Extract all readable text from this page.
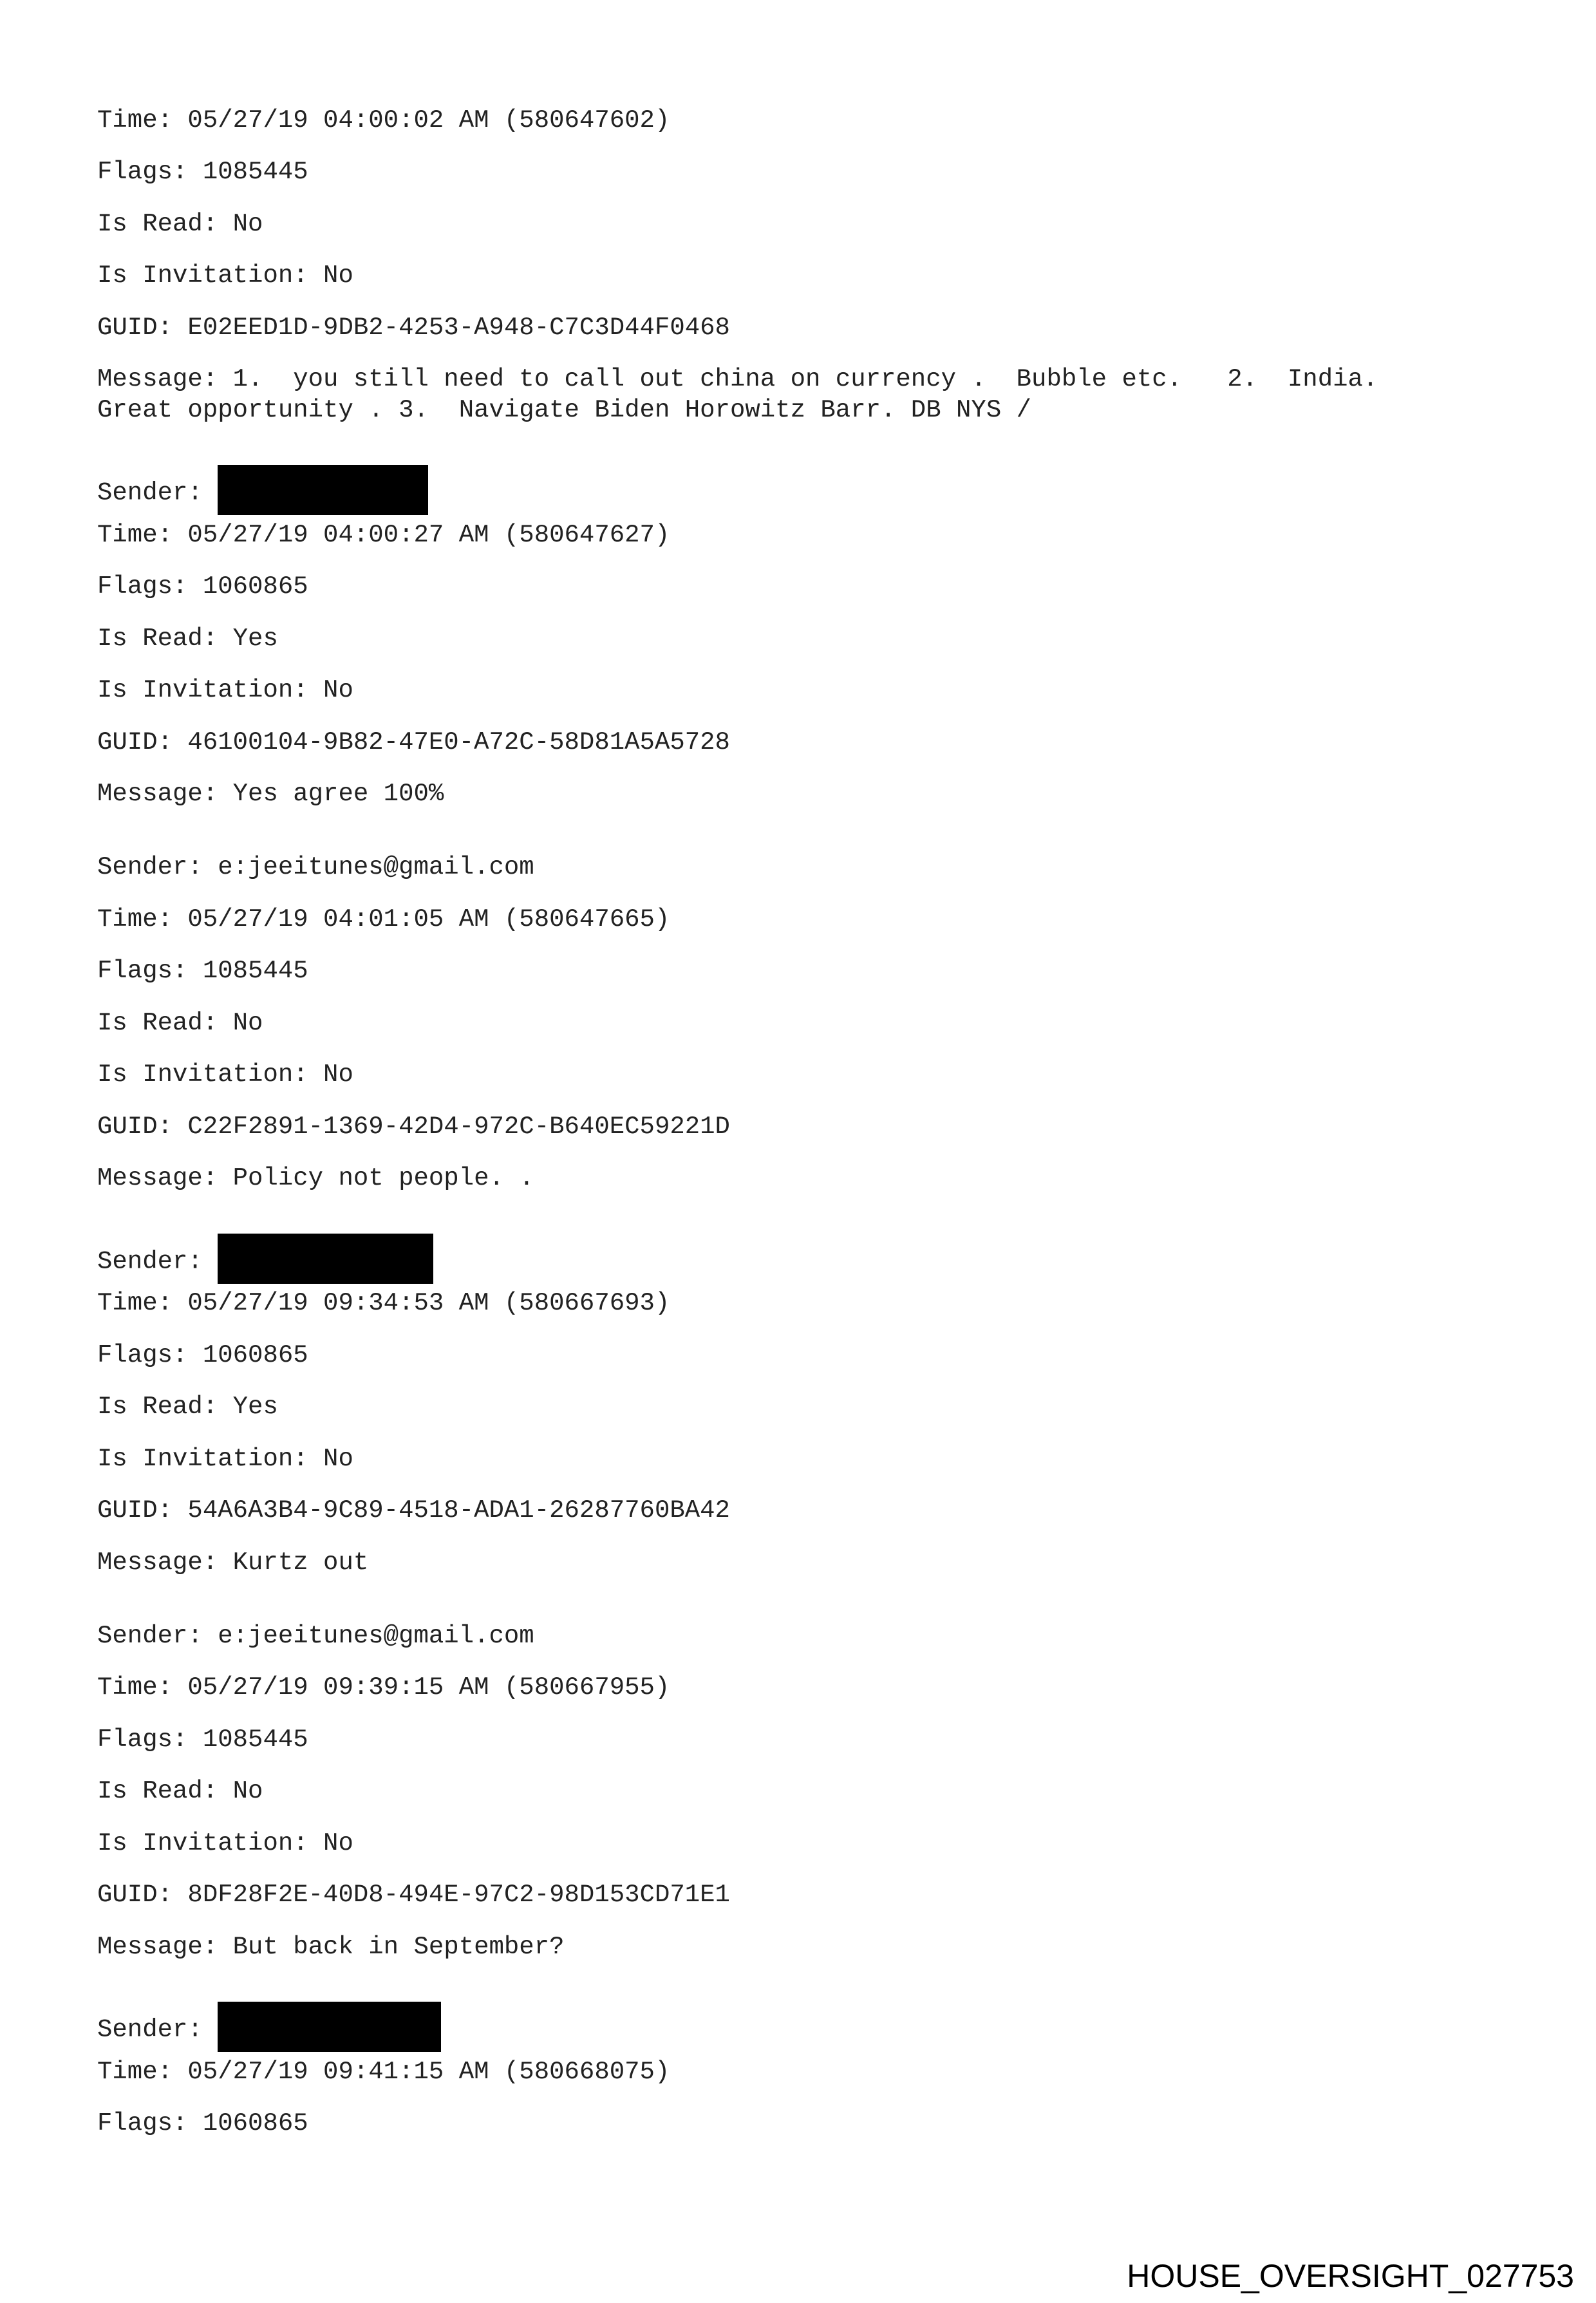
Time: 05/27/19 04:00:02 AM (580647602)

Flags: 1085445

Is Read: No

Is Invitation: No

GUID: E02EED1D-9DB2-4253-A948-C7C3D44F0468

Message: 1.  you still need to call out china on currency .  Bubble etc.   2.  India.

Great opportunity . 3.  Navigate Biden Horowitz Barr. DB NYS /

Sender:

Time: 05/27/19 04:00:27 AM (580647627)

Flags: 1060865

Is Read: Yes

Is Invitation: No

GUID: 46100104-9B82-47E0-A72C-58D81A5A5728

Message: Yes agree 100%

Sender: e:jeeitunes@gmail.com

Time: 05/27/19 04:01:05 AM (580647665)

Flags: 1085445

Is Read: No

Is Invitation: No

GUID: C22F2891-1369-42D4-972C-B640EC59221D

Message: Policy not people. .

Sender:

Time: 05/27/19 09:34:53 AM (580667693)

Flags: 1060865

Is Read: Yes

Is Invitation: No

GUID: 54A6A3B4-9C89-4518-ADA1-26287760BA42

Message: Kurtz out

Sender: e:jeeitunes@gmail.com

Time: 05/27/19 09:39:15 AM (580667955)

Flags: 1085445

Is Read: No

Is Invitation: No

GUID: 8DF28F2E-40D8-494E-97C2-98D153CD71E1

Message: But back in September?

Sender:

Time: 05/27/19 09:41:15 AM (580668075)

Flags: 1060865

HOUSE_OVERSIGHT_027753
